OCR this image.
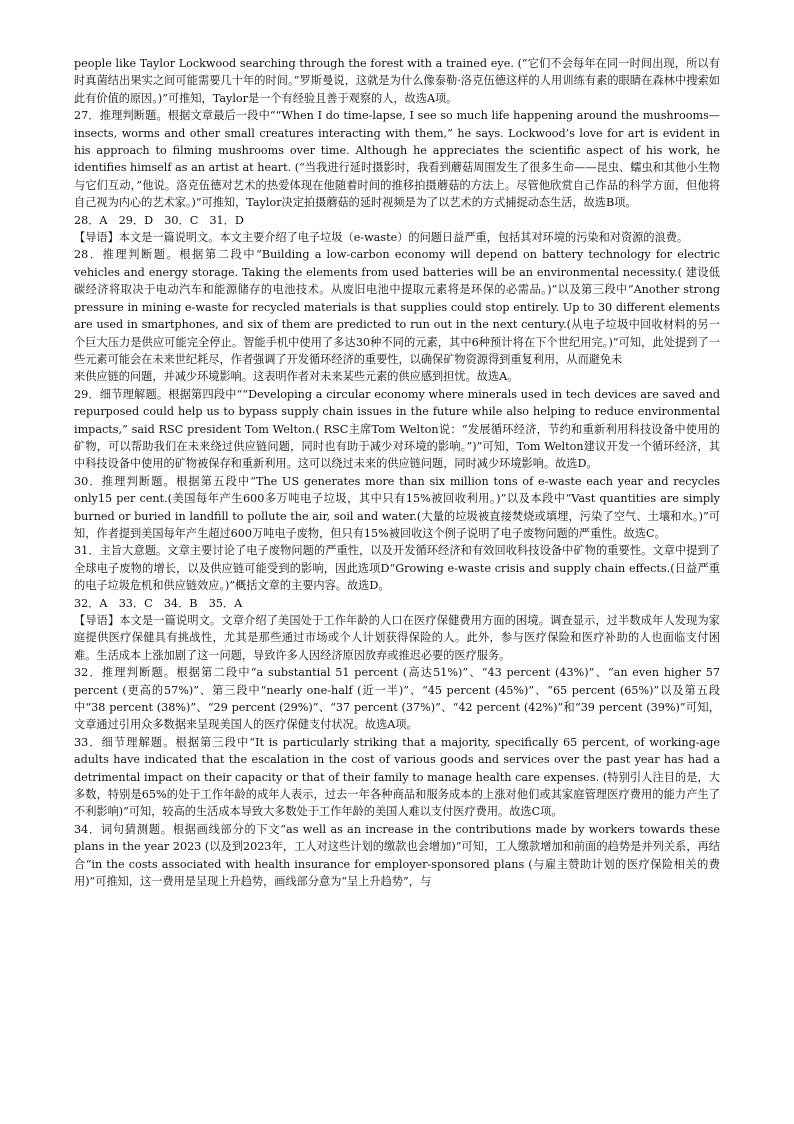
people like Taylor Lockwood searching through the forest with a trained eye. (“它们不会每年在同一时间出现，所以有时真菌结出果实之间可能需要几十年的时间。”罗斯曼说，这就是为什么像泰勒·洛克伍德这样的人用训练有素的眼睛在森林中搜索如此有价值的原因。)”可推知，Taylor是一个有经验且善于观察的人，故选A项。

27．推理判断题。根据文章最后一段中““When I do time-lapse, I see so much life happening around the mushrooms—insects, worms and other small creatures interacting with them,” he says. Lockwood’s love for art is evident in his approach to filming mushrooms over time. Although he appreciates the scientific aspect of his work, he identifies himself as an artist at heart. (“当我进行延时摄影时，我看到蘑菇周围发生了很多生命——昆虫、蠕虫和其他小生物与它们互动，”他说。洛克伍德对艺术的热爱体现在他随着时间的推移拍摄蘑菇的方法上。尽管他欣赏自己作品的科学方面，但他将自己视为内心的艺术家。)”可推知，Taylor决定拍摄蘑菇的延时视频是为了以艺术的方式捕捉动态生活，故选B项。

28．A　29．D　30．C　31．D

【导语】本文是一篇说明文。本文主要介绍了电子垃圾（e-waste）的问题日益严重，包括其对环境的污染和对资源的浪费。

28．推理判断题。根据第二段中“Building a low-carbon economy will depend on battery technology for electric vehicles and energy storage. Taking the elements from used batteries will be an environmental necessity.( 建设低碳经济将取决于电动汽车和能源储存的电池技术。从废旧电池中提取元素将是环保的必需品。)”以及第三段中“Another strong pressure in mining e-waste for recycled materials is that supplies could stop entirely. Up to 30 different elements are used in smartphones, and six of them are predicted to run out in the next century.(从电子垃圾中回收材料的另一个巨大压力是供应可能完全停止。智能手机中使用了多达30种不同的元素，其中6种预计将在下个世纪用完。)”可知，此处提到了一些元素可能会在未来世纪耗尽，作者强调了开发循环经济的重要性，以确保矿物资源得到重复利用，从而避免未

来供应链的问题，并减少环境影响。这表明作者对未来某些元素的供应感到担忧。故选A。

29．细节理解题。根据第四段中““Developing a circular economy where minerals used in tech devices are saved and repurposed could help us to bypass supply chain issues in the future while also helping to reduce environmental impacts,” said RSC president Tom Welton.( RSC主席Tom Welton说：“发展循环经济，节约和重新利用科技设备中使用的矿物，可以帮助我们在未来绕过供应链问题，同时也有助于减少对环境的影响。”)”可知，Tom Welton建议开发一个循环经济，其中科技设备中使用的矿物被保存和重新利用。这可以绕过未来的供应链问题，同时减少环境影响。故选D。

30．推理判断题。根据第五段中“The US generates more than six million tons of e-waste each year and recycles only15 per cent.(美国每年产生600多万吨电子垃圾，其中只有15%被回收利用。)”以及本段中“Vast quantities are simply burned or buried in landfill to pollute the air, soil and water.(大量的垃圾被直接焚烧或填埋，污染了空气、土壤和水。)”可知，作者提到美国每年产生超过600万吨电子废物，但只有15%被回收这个例子说明了电子废物问题的严重性。故选C。

31．主旨大意题。文章主要讨论了电子废物问题的严重性，以及开发循环经济和有效回收科技设备中矿物的重要性。文章中提到了全球电子废物的增长，以及供应链可能受到的影响，因此选项D“Growing e-waste crisis and supply chain effects.(日益严重的电子垃圾危机和供应链效应。)”概括文章的主要内容。故选D。

32．A　33．C　34．B　35．A

【导语】本文是一篇说明文。文章介绍了美国处于工作年龄的人口在医疗保健费用方面的困境。调查显示，过半数成年人发现为家庭提供医疗保健具有挑战性，尤其是那些通过市场或个人计划获得保险的人。此外，参与医疗保险和医疗补助的人也面临支付困难。生活成本上涨加剧了这一问题，导致许多人因经济原因放弃或推迟必要的医疗服务。

32．推理判断题。根据第二段中“a substantial 51 percent (高达51%)”、“43 percent (43%)”、“an even higher 57 percent (更高的57%)”、第三段中“nearly one-half (近一半)”、“45 percent (45%)”、“65 percent (65%)”以及第五段中“38 percent (38%)”、“29 percent (29%)”、“37 percent (37%)”、“42 percent (42%)”和“39 percent (39%)”可知，文章通过引用众多数据来呈现美国人的医疗保健支付状况。故选A项。

33．细节理解题。根据第三段中“It is particularly striking that a majority, specifically 65 percent, of working-age adults have indicated that the escalation in the cost of various goods and services over the past year has had a detrimental impact on their capacity or that of their family to manage health care expenses. (特别引人注目的是，大多数，特别是65%的处于工作年龄的成年人表示，过去一年各种商品和服务成本的上涨对他们或其家庭管理医疗费用的能力产生了不利影响)”可知，较高的生活成本导致大多数处于工作年龄的美国人难以支付医疗费用。故选C项。

34．词句猜测题。根据画线部分的下文“as well as an increase in the contributions made by workers towards these plans in the year 2023 (以及到2023年，工人对这些计划的缴款也会增加)”可知，工人缴款增加和前面的趋势是并列关系，再结合“in the costs associated with health insurance for employer-sponsored plans (与雇主赞助计划的医疗保险相关的费用)”可推知，这一费用是呈现上升趋势，画线部分意为“呈上升趋势”，与
